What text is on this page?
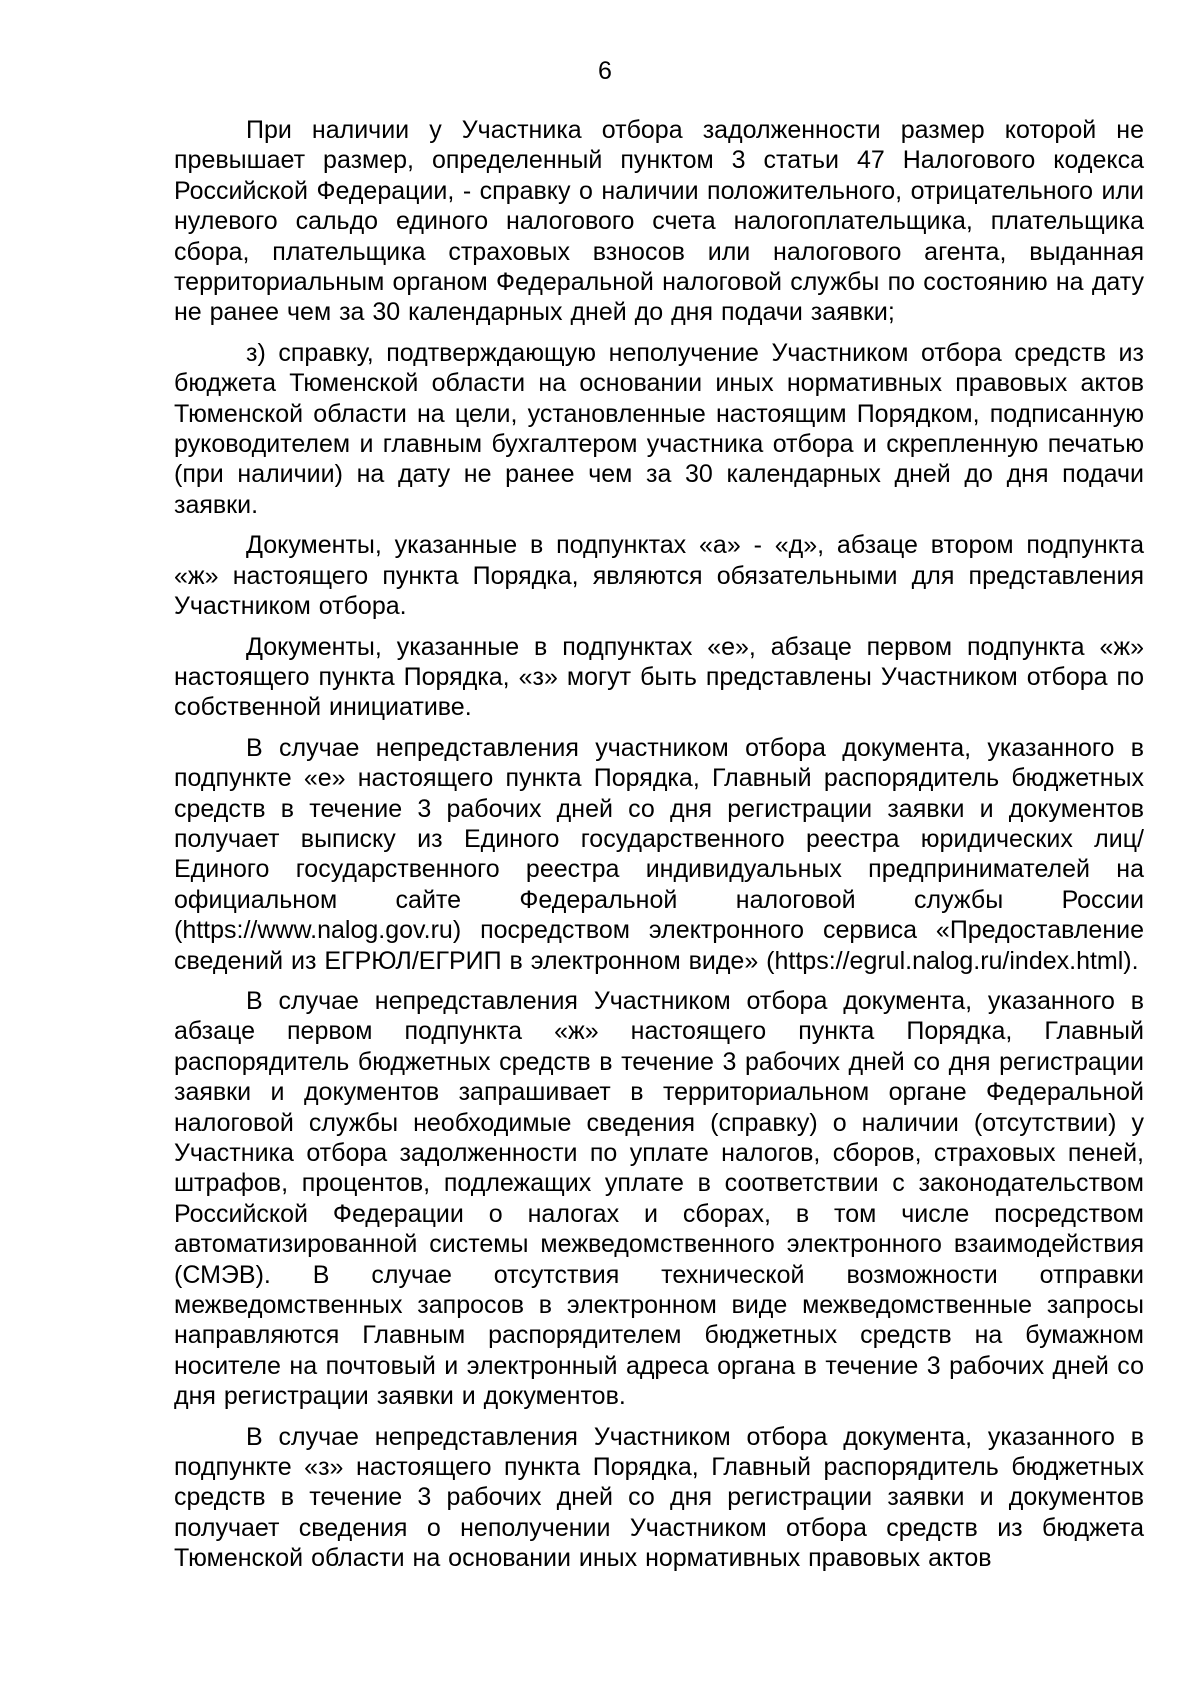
6

При наличии у Участника отбора задолженности размер которой не превышает размер, определенный пунктом 3 статьи 47 Налогового кодекса Российской Федерации, - справку о наличии положительного, отрицательного или нулевого сальдо единого налогового счета налогоплательщика, плательщика сбора, плательщика страховых взносов или налогового агента, выданная территориальным органом Федеральной налоговой службы по состоянию на дату не ранее чем за 30 календарных дней до дня подачи заявки;

з) справку, подтверждающую неполучение Участником отбора средств из бюджета Тюменской области на основании иных нормативных правовых актов Тюменской области на цели, установленные настоящим Порядком, подписанную руководителем и главным бухгалтером участника отбора и скрепленную печатью (при наличии) на дату не ранее чем за 30 календарных дней до дня подачи заявки.

Документы, указанные в подпунктах «а» - «д», абзаце втором подпункта «ж» настоящего пункта Порядка, являются обязательными для представления Участником отбора.

Документы, указанные в подпунктах «е», абзаце первом подпункта «ж» настоящего пункта Порядка, «з» могут быть представлены Участником отбора по собственной инициативе.

В случае непредставления участником отбора документа, указанного в подпункте «е» настоящего пункта Порядка, Главный распорядитель бюджетных средств в течение 3 рабочих дней со дня регистрации заявки и документов получает выписку из Единого государственного реестра юридических лиц/Единого государственного реестра индивидуальных предпринимателей на официальном сайте Федеральной налоговой службы России (https://www.nalog.gov.ru) посредством электронного сервиса «Предоставление сведений из ЕГРЮЛ/ЕГРИП в электронном виде» (https://egrul.nalog.ru/index.html).

В случае непредставления Участником отбора документа, указанного в абзаце первом подпункта «ж» настоящего пункта Порядка, Главный распорядитель бюджетных средств в течение 3 рабочих дней со дня регистрации заявки и документов запрашивает в территориальном органе Федеральной налоговой службы необходимые сведения (справку) о наличии (отсутствии) у Участника отбора задолженности по уплате налогов, сборов, страховых пеней, штрафов, процентов, подлежащих уплате в соответствии с законодательством Российской Федерации о налогах и сборах, в том числе посредством автоматизированной системы межведомственного электронного взаимодействия (СМЭВ). В случае отсутствия технической возможности отправки межведомственных запросов в электронном виде межведомственные запросы направляются Главным распорядителем бюджетных средств на бумажном носителе на почтовый и электронный адреса органа в течение 3 рабочих дней со дня регистрации заявки и документов.

В случае непредставления Участником отбора документа, указанного в подпункте «з» настоящего пункта Порядка, Главный распорядитель бюджетных средств в течение 3 рабочих дней со дня регистрации заявки и документов получает сведения о неполучении Участником отбора средств из бюджета Тюменской области на основании иных нормативных правовых актов
